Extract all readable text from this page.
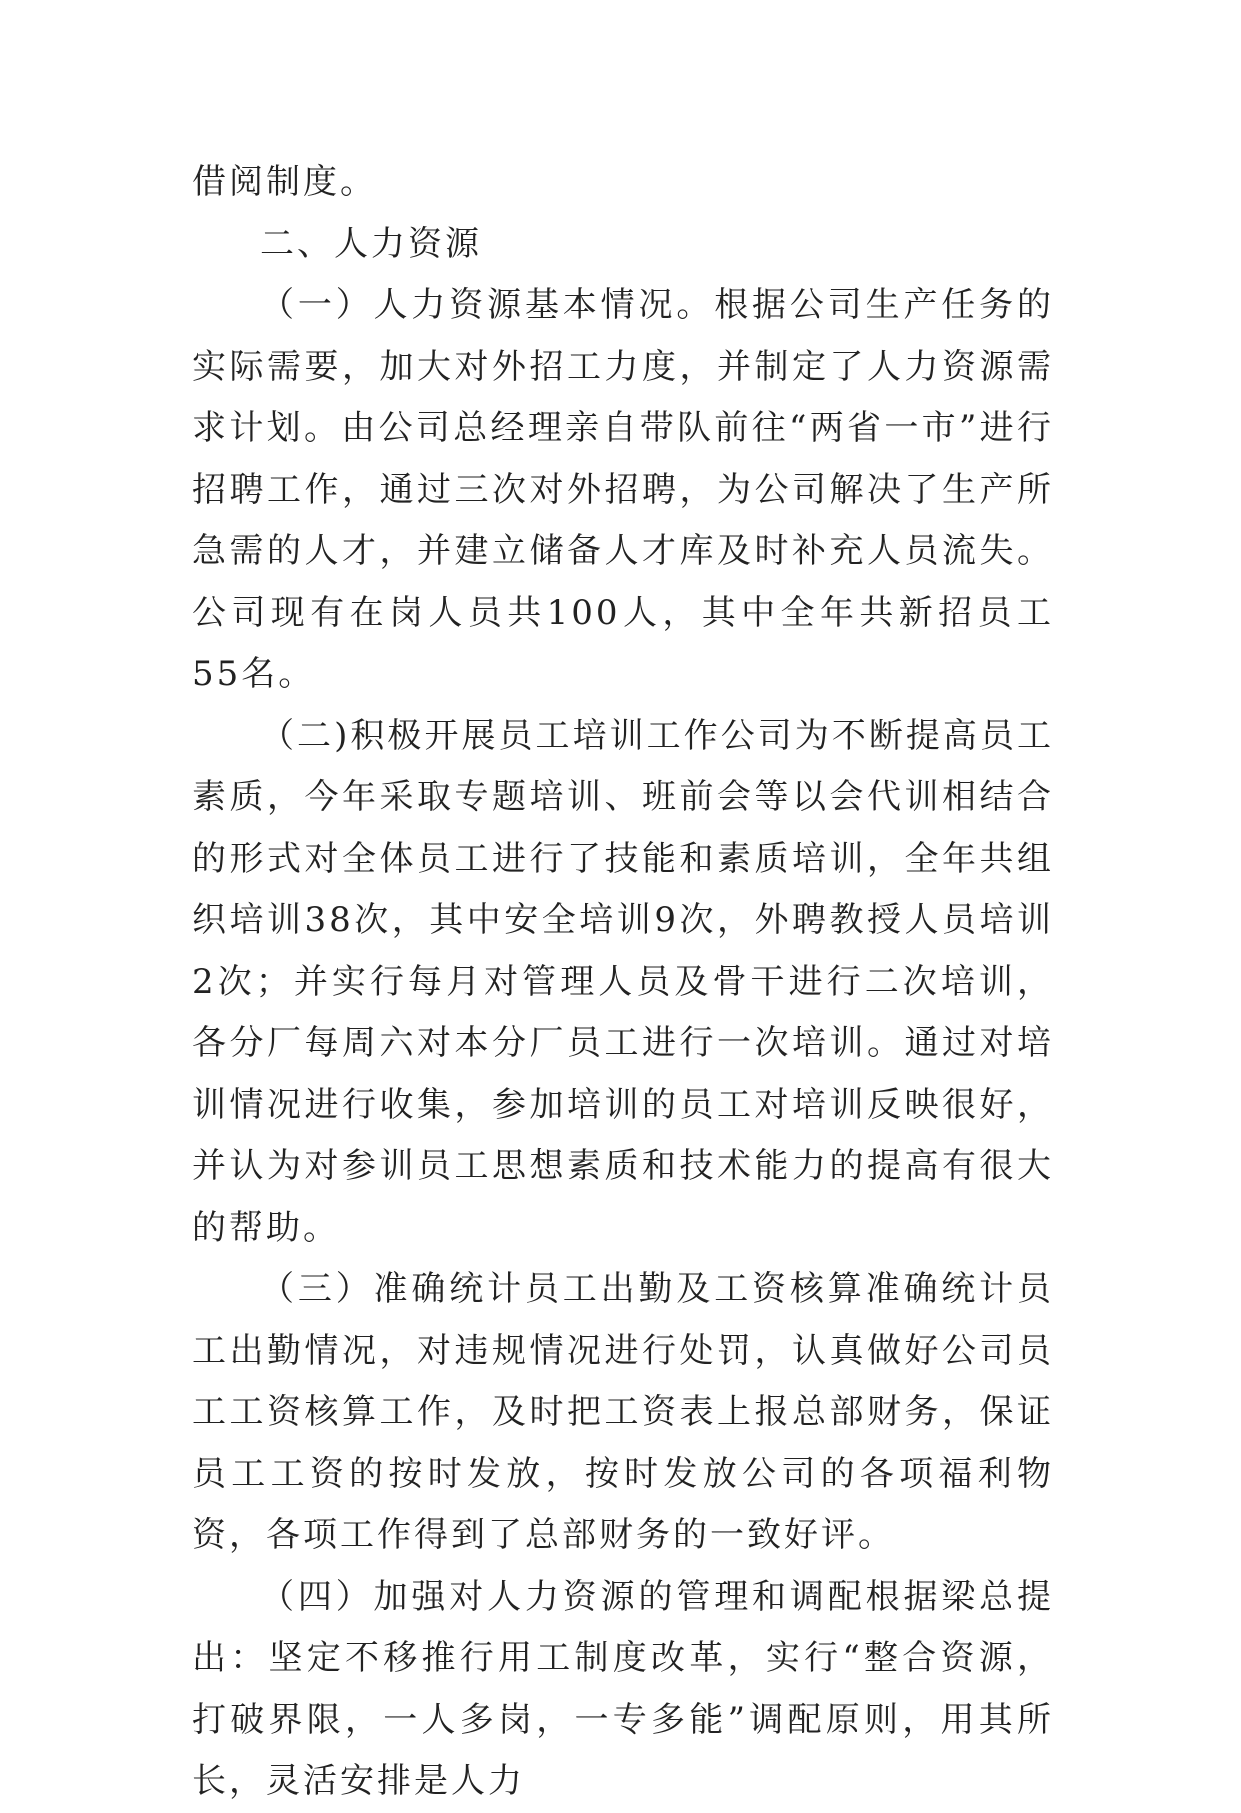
借阅制度。

二、人力资源

（一）人力资源基本情况。根据公司生产任务的实际需要，加大对外招工力度，并制定了人力资源需求计划。由公司总经理亲自带队前往“两省一市”进行招聘工作，通过三次对外招聘，为公司解决了生产所急需的人才，并建立储备人才库及时补充人员流失。公司现有在岗人员共100人，其中全年共新招员工55名。

（二)积极开展员工培训工作公司为不断提高员工素质，今年采取专题培训、班前会等以会代训相结合的形式对全体员工进行了技能和素质培训，全年共组织培训38次，其中安全培训9次，外聘教授人员培训2次；并实行每月对管理人员及骨干进行二次培训，各分厂每周六对本分厂员工进行一次培训。通过对培训情况进行收集，参加培训的员工对培训反映很好，并认为对参训员工思想素质和技术能力的提高有很大的帮助。

（三）准确统计员工出勤及工资核算准确统计员工出勤情况，对违规情况进行处罚，认真做好公司员工工资核算工作，及时把工资表上报总部财务，保证员工工资的按时发放，按时发放公司的各项福利物资，各项工作得到了总部财务的一致好评。

（四）加强对人力资源的管理和调配根据梁总提出：坚定不移推行用工制度改革，实行“整合资源，打破界限，一人多岗，一专多能”调配原则，用其所长，灵活安排是人力
